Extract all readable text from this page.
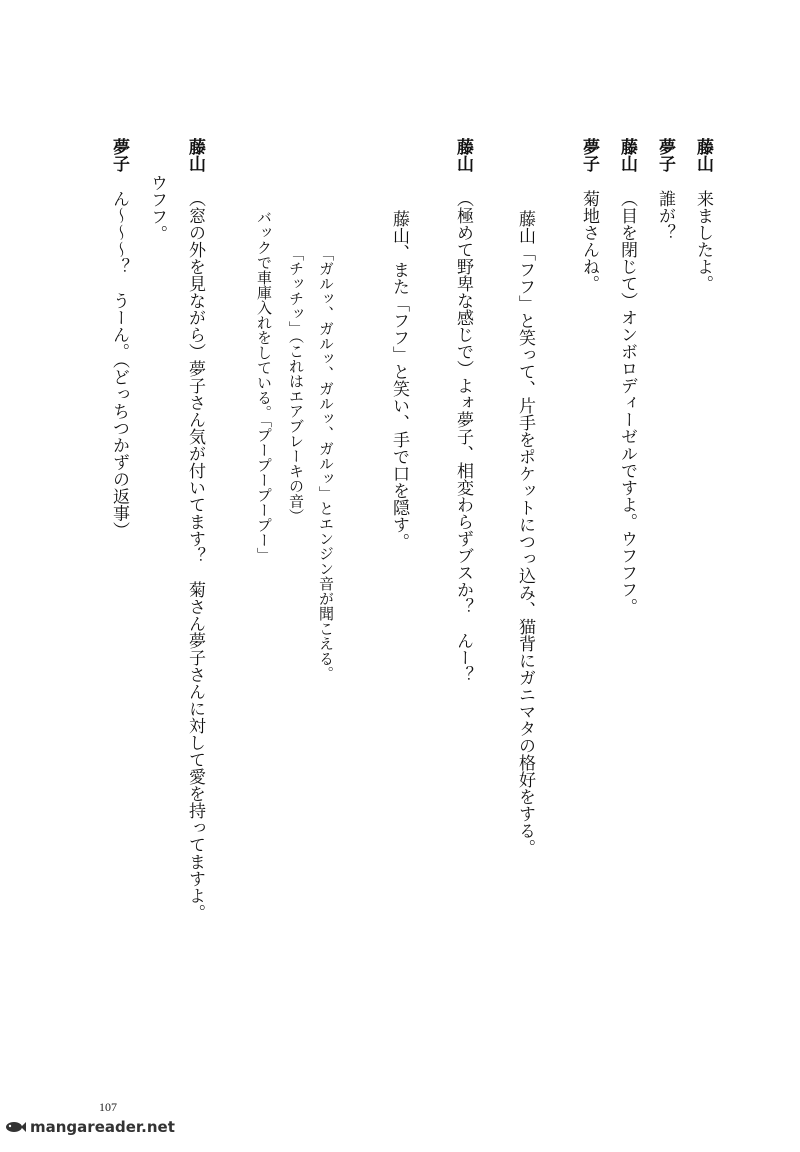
藤山来ましたよ。
夢子誰が？
藤山（目を閉じて）オンボロディーゼルですよ。ウフフフ。
夢子菊地さんね。
藤山「フフ」と笑って、片手をポケットにつっ込み、猫背にガニマタの格好をする。
藤山（極めて野卑な感じで）よォ夢子、相変わらずブスか？　んー？
藤山、また「フフ」と笑い、手で口を隠す。
「ガルッ、ガルッ、ガルッ、ガルッ」とエンジン音が聞こえる。
「チッチッ」（これはエアブレーキの音）
バックで車庫入れをしている。「プープープープー」
藤山（窓の外を見ながら）夢子さん気が付いてます？　菊さん夢子さんに対して愛を持ってますよ。
ウフフ。
夢子ん〜〜〜？　うーん。（どっちつかずの返事）
107
mangareader.net
